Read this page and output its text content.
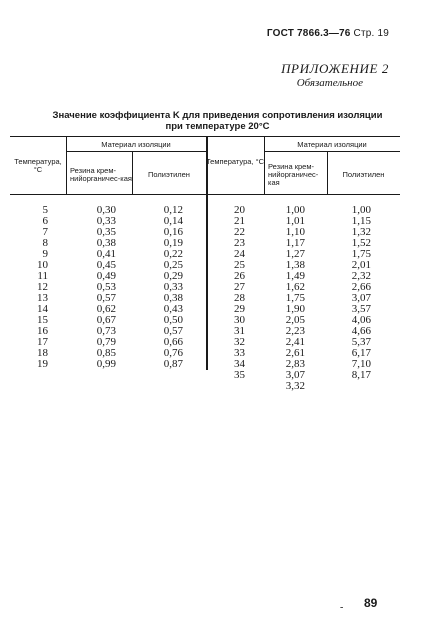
ГОСТ 7866.3—76 Стр. 19
ПРИЛОЖЕНИЕ 2
Обязательное
Значение коэффициента K для приведения сопротивления изоляции
при температуре 20°С
Материал изоляции	Материал изоляции
Температура, °С
Температура, °С
Резина крем-нийорганичес-кая	Полиэтилен
Резина крем-нийорганичес-кая
Полиэтилен
5
6
7
8
9
10
11
12
13
14
15
16
17
18
19
0,30
0,33
0,35
0,38
0,41
0,45
0,49
0,53
0,57
0,62
0,67
0,73
0,79
0,85
0,99
0,12
0,14
0,16
0,19
0,22
0,25
0,29
0,33
0,38
0,43
0,50
0,57
0,66
0,76
0,87
20
21
22
23
24
25
26
27
28
29
30
31
32
33
34
35
1,00
1,01
1,10
1,17
1,27
1,38
1,49
1,62
1,75
1,90
2,05
2,23
2,41
2,61
2,83
3,07
3,32
1,00
1,15
1,32
1,52
1,75
2,01
2,32
2,66
3,07
3,57
4,06
4,66
5,37
6,17
7,10
8,17
- 89
